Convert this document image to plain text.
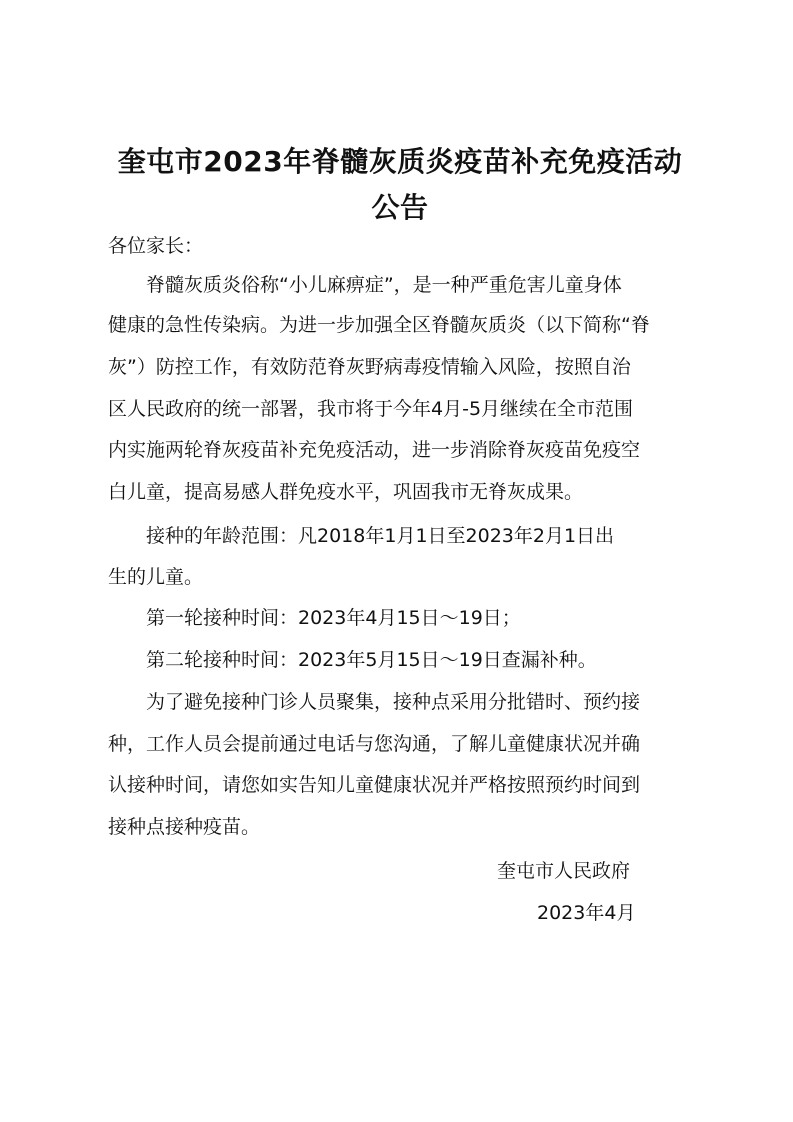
奎屯市2023年脊髓灰质炎疫苗补充免疫活动
公告
各位家长：
脊髓灰质炎俗称“小儿麻痹症”，是一种严重危害儿童身体
健康的急性传染病。为进一步加强全区脊髓灰质炎（以下简称“脊
灰”）防控工作，有效防范脊灰野病毒疫情输入风险，按照自治
区人民政府的统一部署，我市将于今年4月-5月继续在全市范围
内实施两轮脊灰疫苗补充免疫活动，进一步消除脊灰疫苗免疫空
白儿童，提高易感人群免疫水平，巩固我市无脊灰成果。
接种的年龄范围：凡2018年1月1日至2023年2月1日出
生的儿童。
第一轮接种时间：2023年4月15日～19日；
第二轮接种时间：2023年5月15日～19日查漏补种。
为了避免接种门诊人员聚集，接种点采用分批错时、预约接
种，工作人员会提前通过电话与您沟通，了解儿童健康状况并确
认接种时间，请您如实告知儿童健康状况并严格按照预约时间到
接种点接种疫苗。
奎屯市人民政府
2023年4月
